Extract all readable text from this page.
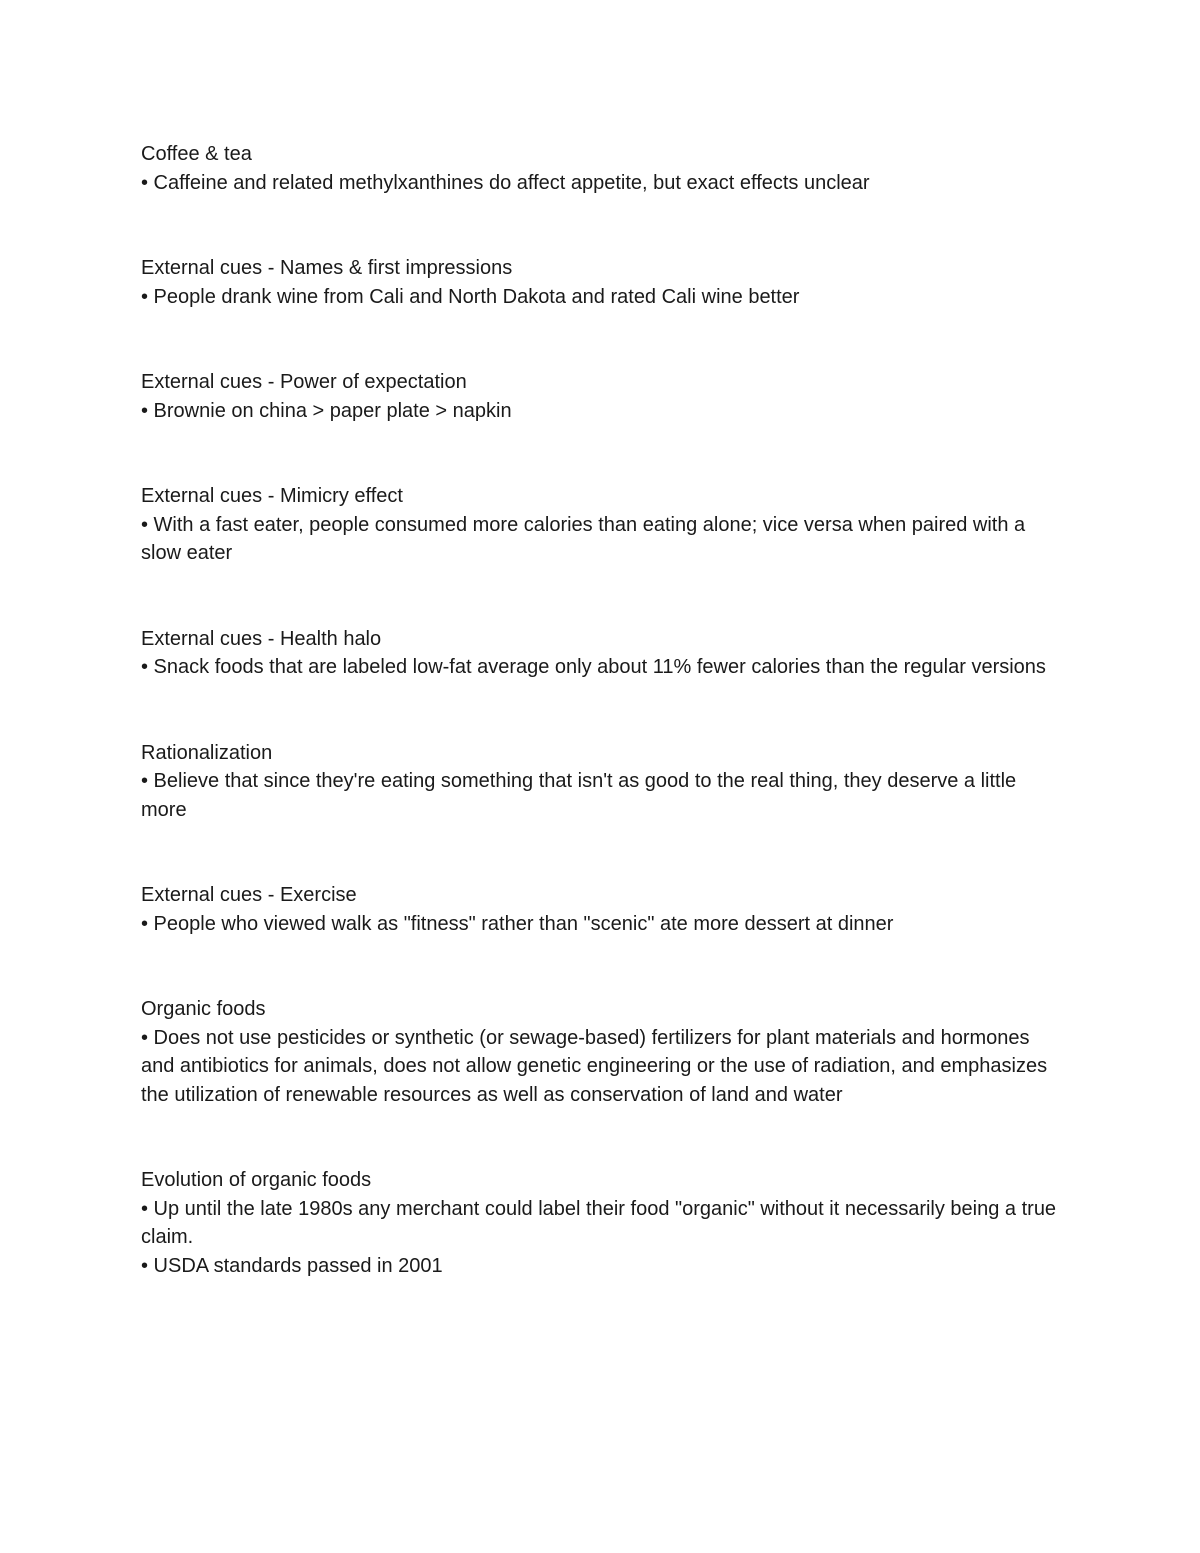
Coffee & tea

• Caffeine and related methylxanthines do affect appetite, but exact effects unclear

External cues - Names & first impressions

• People drank wine from Cali and North Dakota and rated Cali wine better

External cues - Power of expectation

• Brownie on china > paper plate > napkin

External cues - Mimicry effect

• With a fast eater, people consumed more calories than eating alone; vice versa when paired with a slow eater

External cues - Health halo

• Snack foods that are labeled low-fat average only about 11% fewer calories than the regular versions

Rationalization

• Believe that since they're eating something that isn't as good to the real thing, they deserve a little more

External cues - Exercise

• People who viewed walk as "fitness" rather than "scenic" ate more dessert at dinner

Organic foods

• Does not use pesticides or synthetic (or sewage-based) fertilizers for plant materials and hormones and antibiotics for animals, does not allow genetic engineering or the use of radiation, and emphasizes the utilization of renewable resources as well as conservation of land and water

Evolution of organic foods

• Up until the late 1980s any merchant could label their food "organic" without it necessarily being a true claim.

• USDA standards passed in 2001
